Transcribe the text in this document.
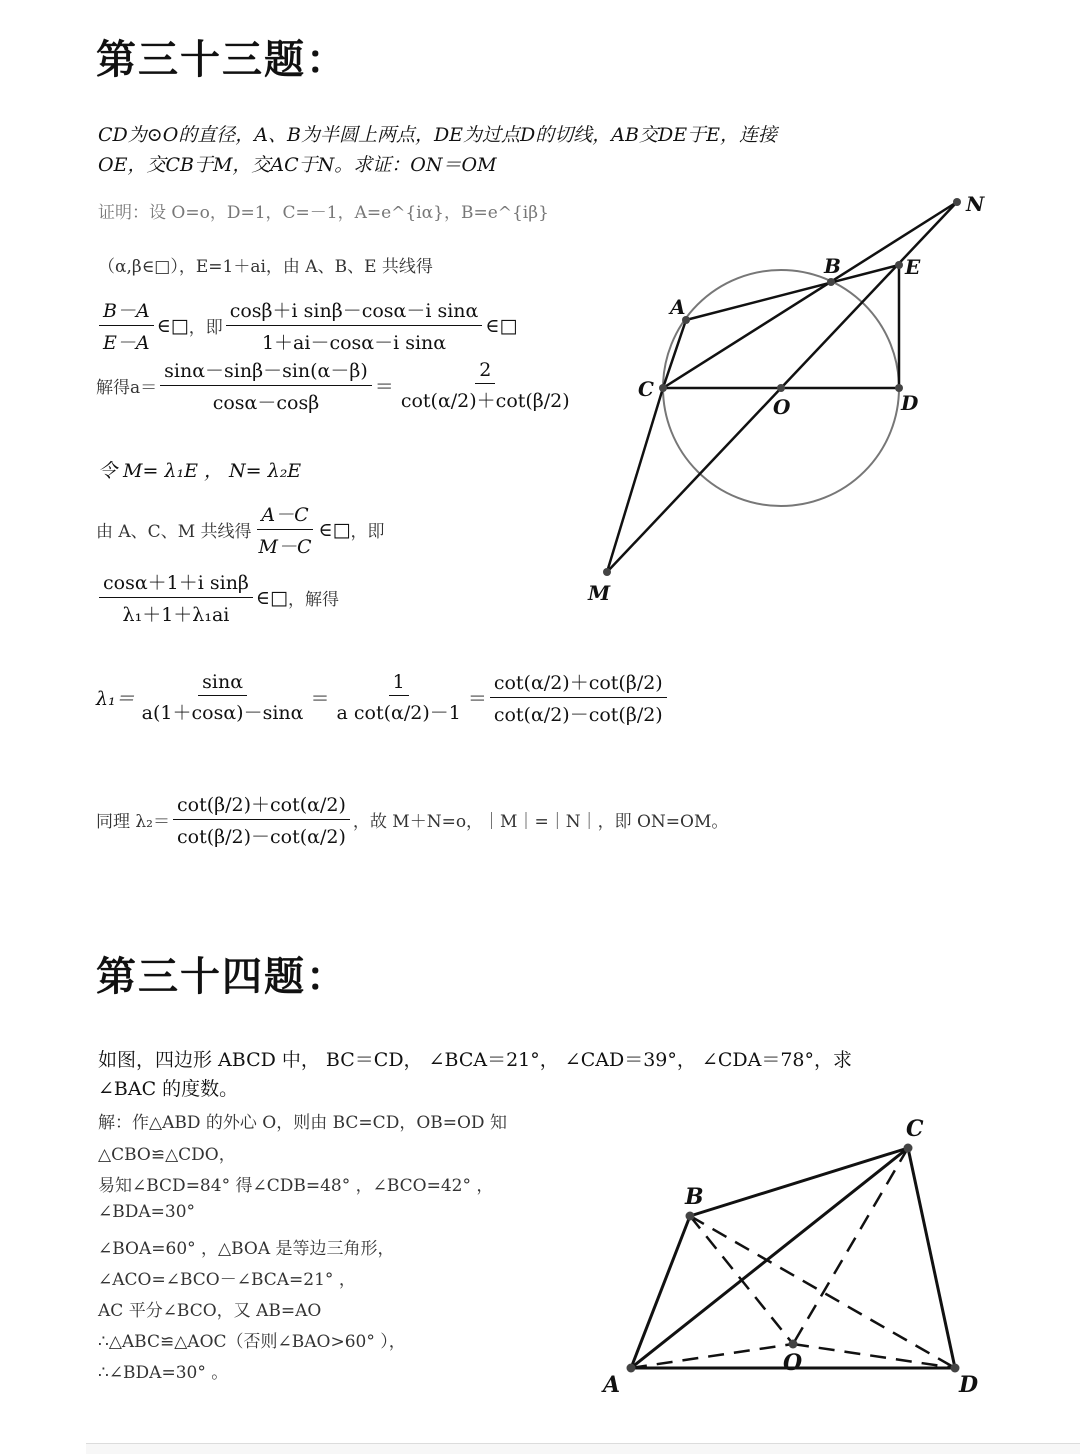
第三十三题：
CD为⊙O的直径，A、B为半圆上两点，DE为过点D的切线，AB交DE于E，连接
OE，交CB于M，交AC于N。求证：ON＝OM
证明：设 O=o，D=1，C=－1，A=e^{iα}，B=e^{iβ}
（α,β∈□），E=1＋ai，由 A、B、E 共线得
$\frac{B-A}{E-A}$ ∈□ ，即 $\frac{\text{cosβ＋i sinβ－cosα－i sinα}}{\text{1＋ai－cosα－i sinα}}$ ∈□
解得$a= \frac{\sin\alpha-\sin\beta-\sin(\alpha-\beta)}{\cos\alpha-\cos\beta} = \frac{2}{\cot(\alpha/2)+\cot(\beta/2)}$
令 M= λ₁E ， N= λ₂E
由 A、C、M 共线得 $\frac{A-C}{M-C}$ ∈□ ，即
$\frac{\text{cosα＋1＋i sinβ}}{\text{λ₁＋1＋λ₁ai}}$ ∈□ ，解得
$\lambda_1= \frac{\sin\alpha}{a(1+\cos\alpha)-\sin\alpha} = \frac{1}{\text{a cot(α/2)－1}} = \frac{\cot(\alpha/2)+\cot(\beta/2)}{\cot(\alpha/2)-\cot(\beta/2)}$
同理 $\lambda_2= \frac{\cot(\beta/2)+\cot(\alpha/2)}{\cot(\beta/2)-\cot(\alpha/2)}$ ，故 M＋N=o，｜M｜=｜N｜，即 ON=OM。
N
B	E
A
C
O	D
M
第三十四题：
如图，四边形 ABCD 中， BC＝CD， ∠BCA＝21°， ∠CAD＝39°， ∠CDA＝78°，求
∠BAC 的度数。
解：作△ABD 的外心 O，则由 BC=CD，OB=OD 知
△CBO≌△CDO，
易知∠BCD=84° 得∠CDB=48° ，∠BCO=42° ，
∠BDA=30°
∠BOA=60° ，△BOA 是等边三角形，
∠ACO=∠BCO－∠BCA=21° ，
AC 平分∠BCO，又 AB=AO
∴△ABC≌△AOC（否则∠BAO>60° ），
∴∠BDA=30° 。	A
B
C
D
O
